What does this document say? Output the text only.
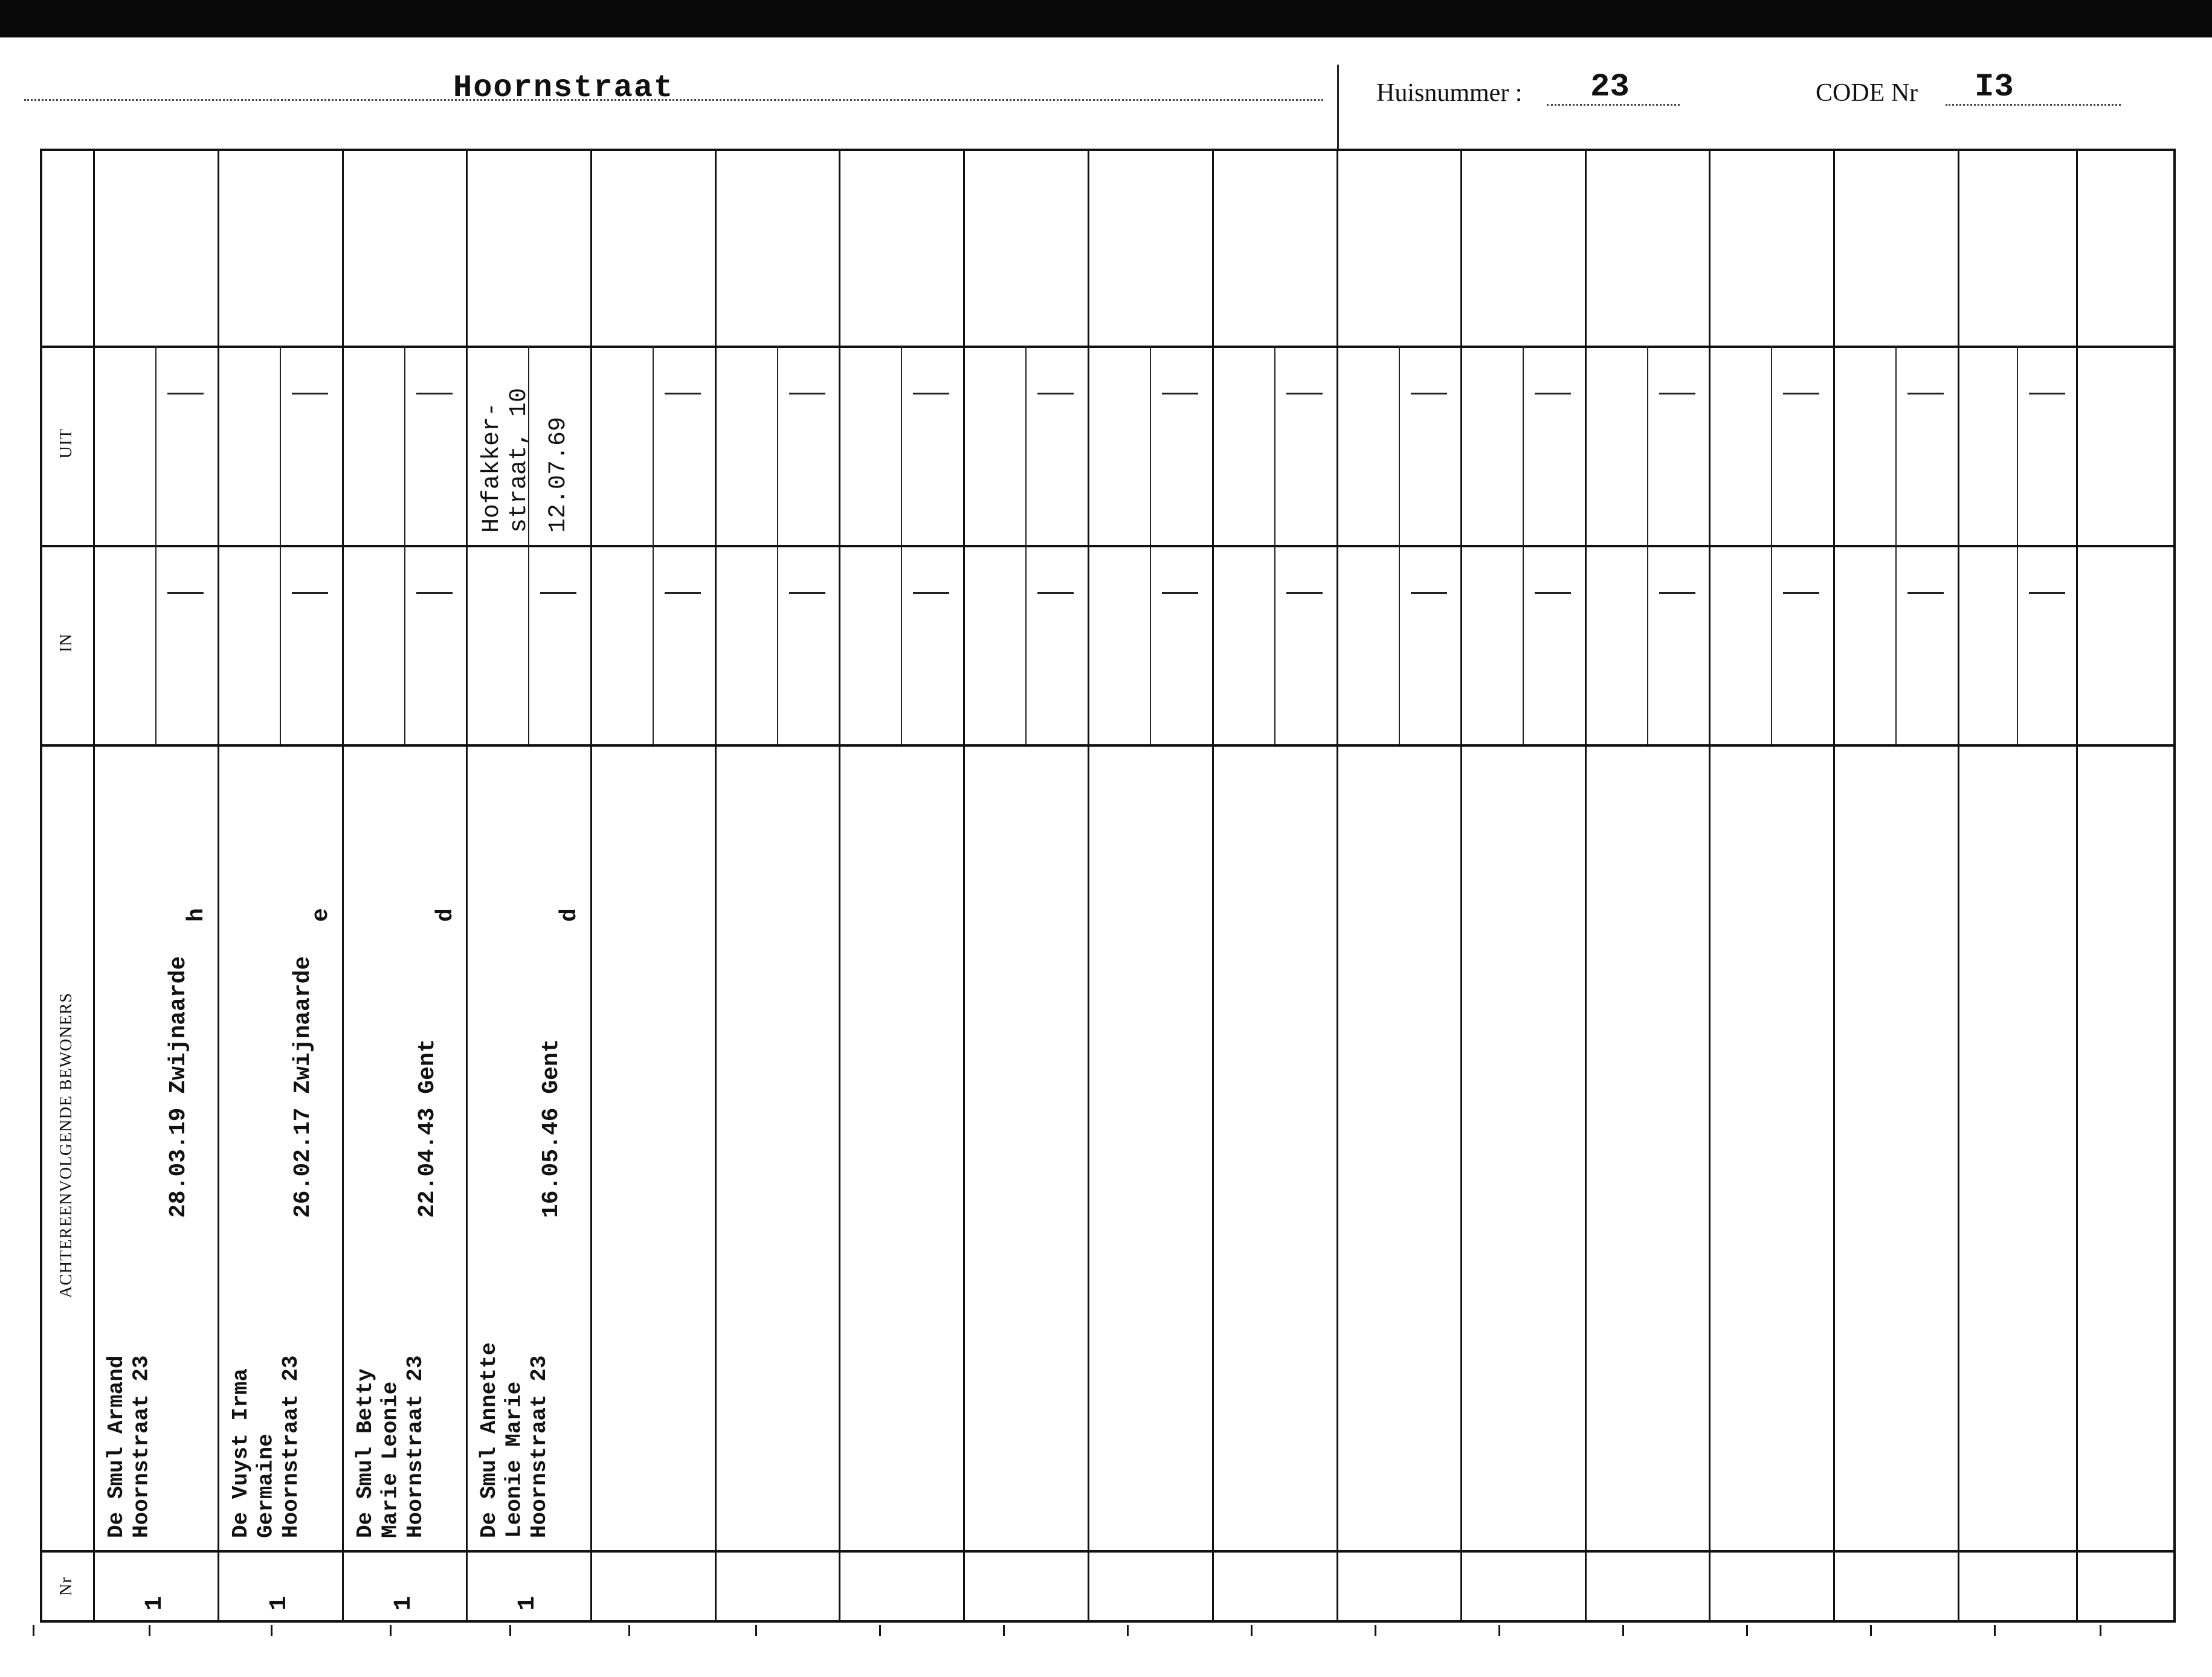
Hoornstraat	Huisnummer : 23	CODE Nr I3
UIT
IN
ACHTEREENVOLGENDE BEWONERS
Nr
De Smul Armand
Hoornstraat 23
28.03.19 Zwijnaarde
h
1
De Vuyst Irma
Germaine
Hoornstraat 23
26.02.17 Zwijnaarde
e
1
De Smul Betty
Marie Leonie
Hoornstraat 23
22.04.43 Gent
d
1
De Smul Annette
Leonie Marie
Hoornstraat 23
16.05.46 Gent
d
1
Hofakker-
straat, 10 12.07.69
